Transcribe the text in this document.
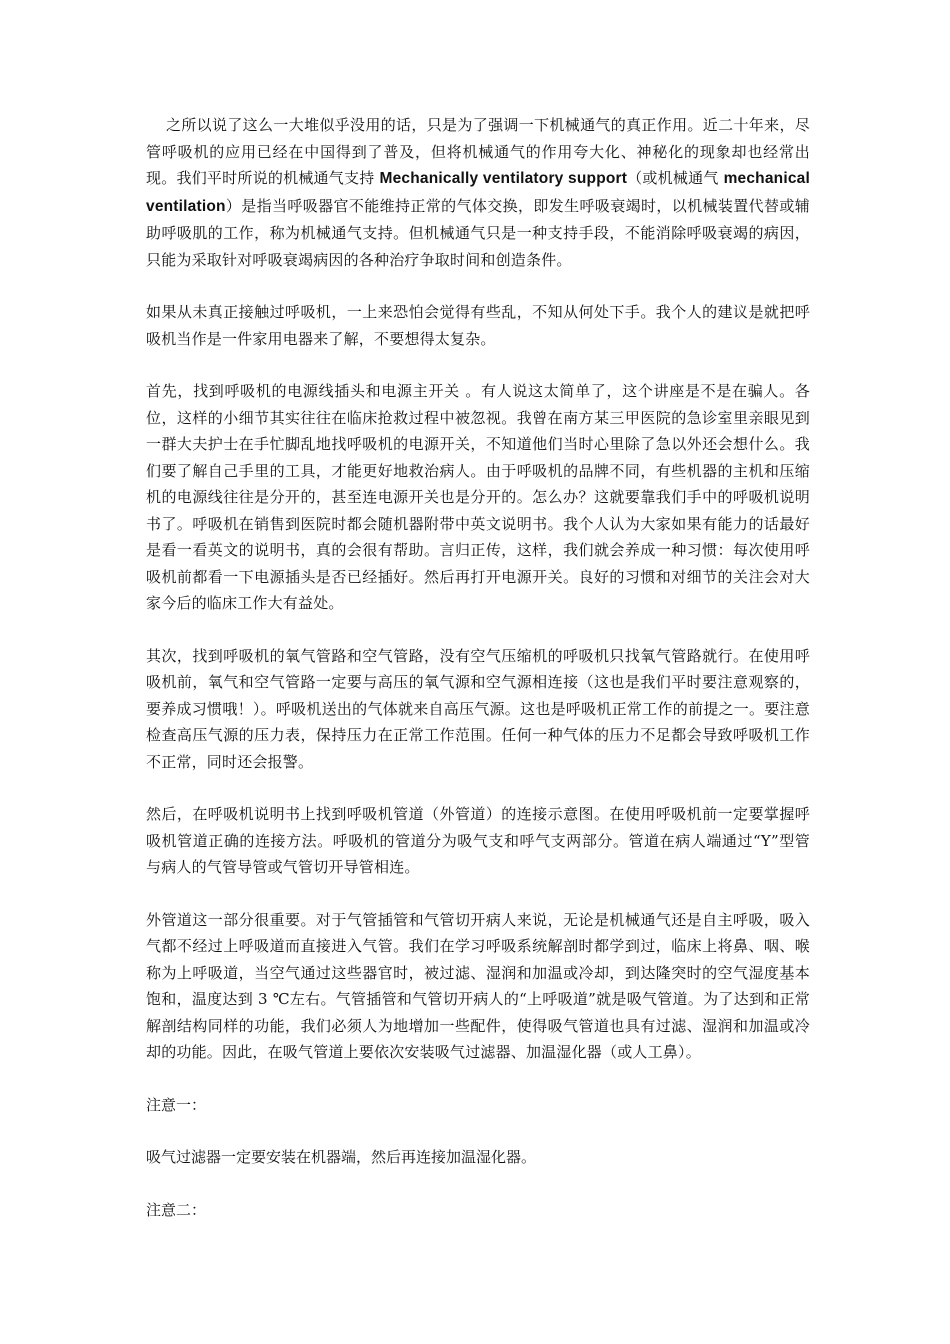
之所以说了这么一大堆似乎没用的话，只是为了强调一下机械通气的真正作用。近二十年来，尽管呼吸机的应用已经在中国得到了普及，但将机械通气的作用夸大化、神秘化的现象却也经常出现。我们平时所说的机械通气支持 Mechanically ventilatory support（或机械通气 mechanical ventilation）是指当呼吸器官不能维持正常的气体交换，即发生呼吸衰竭时，以机械装置代替或辅助呼吸肌的工作，称为机械通气支持。但机械通气只是一种支持手段，不能消除呼吸衰竭的病因，只能为采取针对呼吸衰竭病因的各种治疗争取时间和创造条件。

如果从未真正接触过呼吸机，一上来恐怕会觉得有些乱，不知从何处下手。我个人的建议是就把呼吸机当作是一件家用电器来了解，不要想得太复杂。

首先，找到呼吸机的电源线插头和电源主开关 。有人说这太简单了，这个讲座是不是在骗人。各位，这样的小细节其实往往在临床抢救过程中被忽视。我曾在南方某三甲医院的急诊室里亲眼见到一群大夫护士在手忙脚乱地找呼吸机的电源开关，不知道他们当时心里除了急以外还会想什么。我们要了解自己手里的工具，才能更好地救治病人。由于呼吸机的品牌不同，有些机器的主机和压缩机的电源线往往是分开的，甚至连电源开关也是分开的。怎么办？这就要靠我们手中的呼吸机说明书了。呼吸机在销售到医院时都会随机器附带中英文说明书。我个人认为大家如果有能力的话最好是看一看英文的说明书，真的会很有帮助。言归正传，这样，我们就会养成一种习惯：每次使用呼吸机前都看一下电源插头是否已经插好。然后再打开电源开关。良好的习惯和对细节的关注会对大家今后的临床工作大有益处。

其次，找到呼吸机的氧气管路和空气管路，没有空气压缩机的呼吸机只找氧气管路就行。在使用呼吸机前，氧气和空气管路一定要与高压的氧气源和空气源相连接（这也是我们平时要注意观察的，要养成习惯哦！）。呼吸机送出的气体就来自高压气源。这也是呼吸机正常工作的前提之一。要注意检查高压气源的压力表，保持压力在正常工作范围。任何一种气体的压力不足都会导致呼吸机工作不正常，同时还会报警。

然后，在呼吸机说明书上找到呼吸机管道（外管道）的连接示意图。在使用呼吸机前一定要掌握呼吸机管道正确的连接方法。呼吸机的管道分为吸气支和呼气支两部分。管道在病人端通过“Y”型管与病人的气管导管或气管切开导管相连。

外管道这一部分很重要。对于气管插管和气管切开病人来说，无论是机械通气还是自主呼吸，吸入气都不经过上呼吸道而直接进入气管。我们在学习呼吸系统解剖时都学到过，临床上将鼻、咽、喉称为上呼吸道，当空气通过这些器官时，被过滤、湿润和加温或冷却，到达隆突时的空气湿度基本饱和，温度达到 3 ℃左右。气管插管和气管切开病人的“上呼吸道”就是吸气管道。为了达到和正常解剖结构同样的功能，我们必须人为地增加一些配件，使得吸气管道也具有过滤、湿润和加温或冷却的功能。因此，在吸气管道上要依次安装吸气过滤器、加温湿化器（或人工鼻）。

注意一：

吸气过滤器一定要安装在机器端，然后再连接加温湿化器。

注意二：
